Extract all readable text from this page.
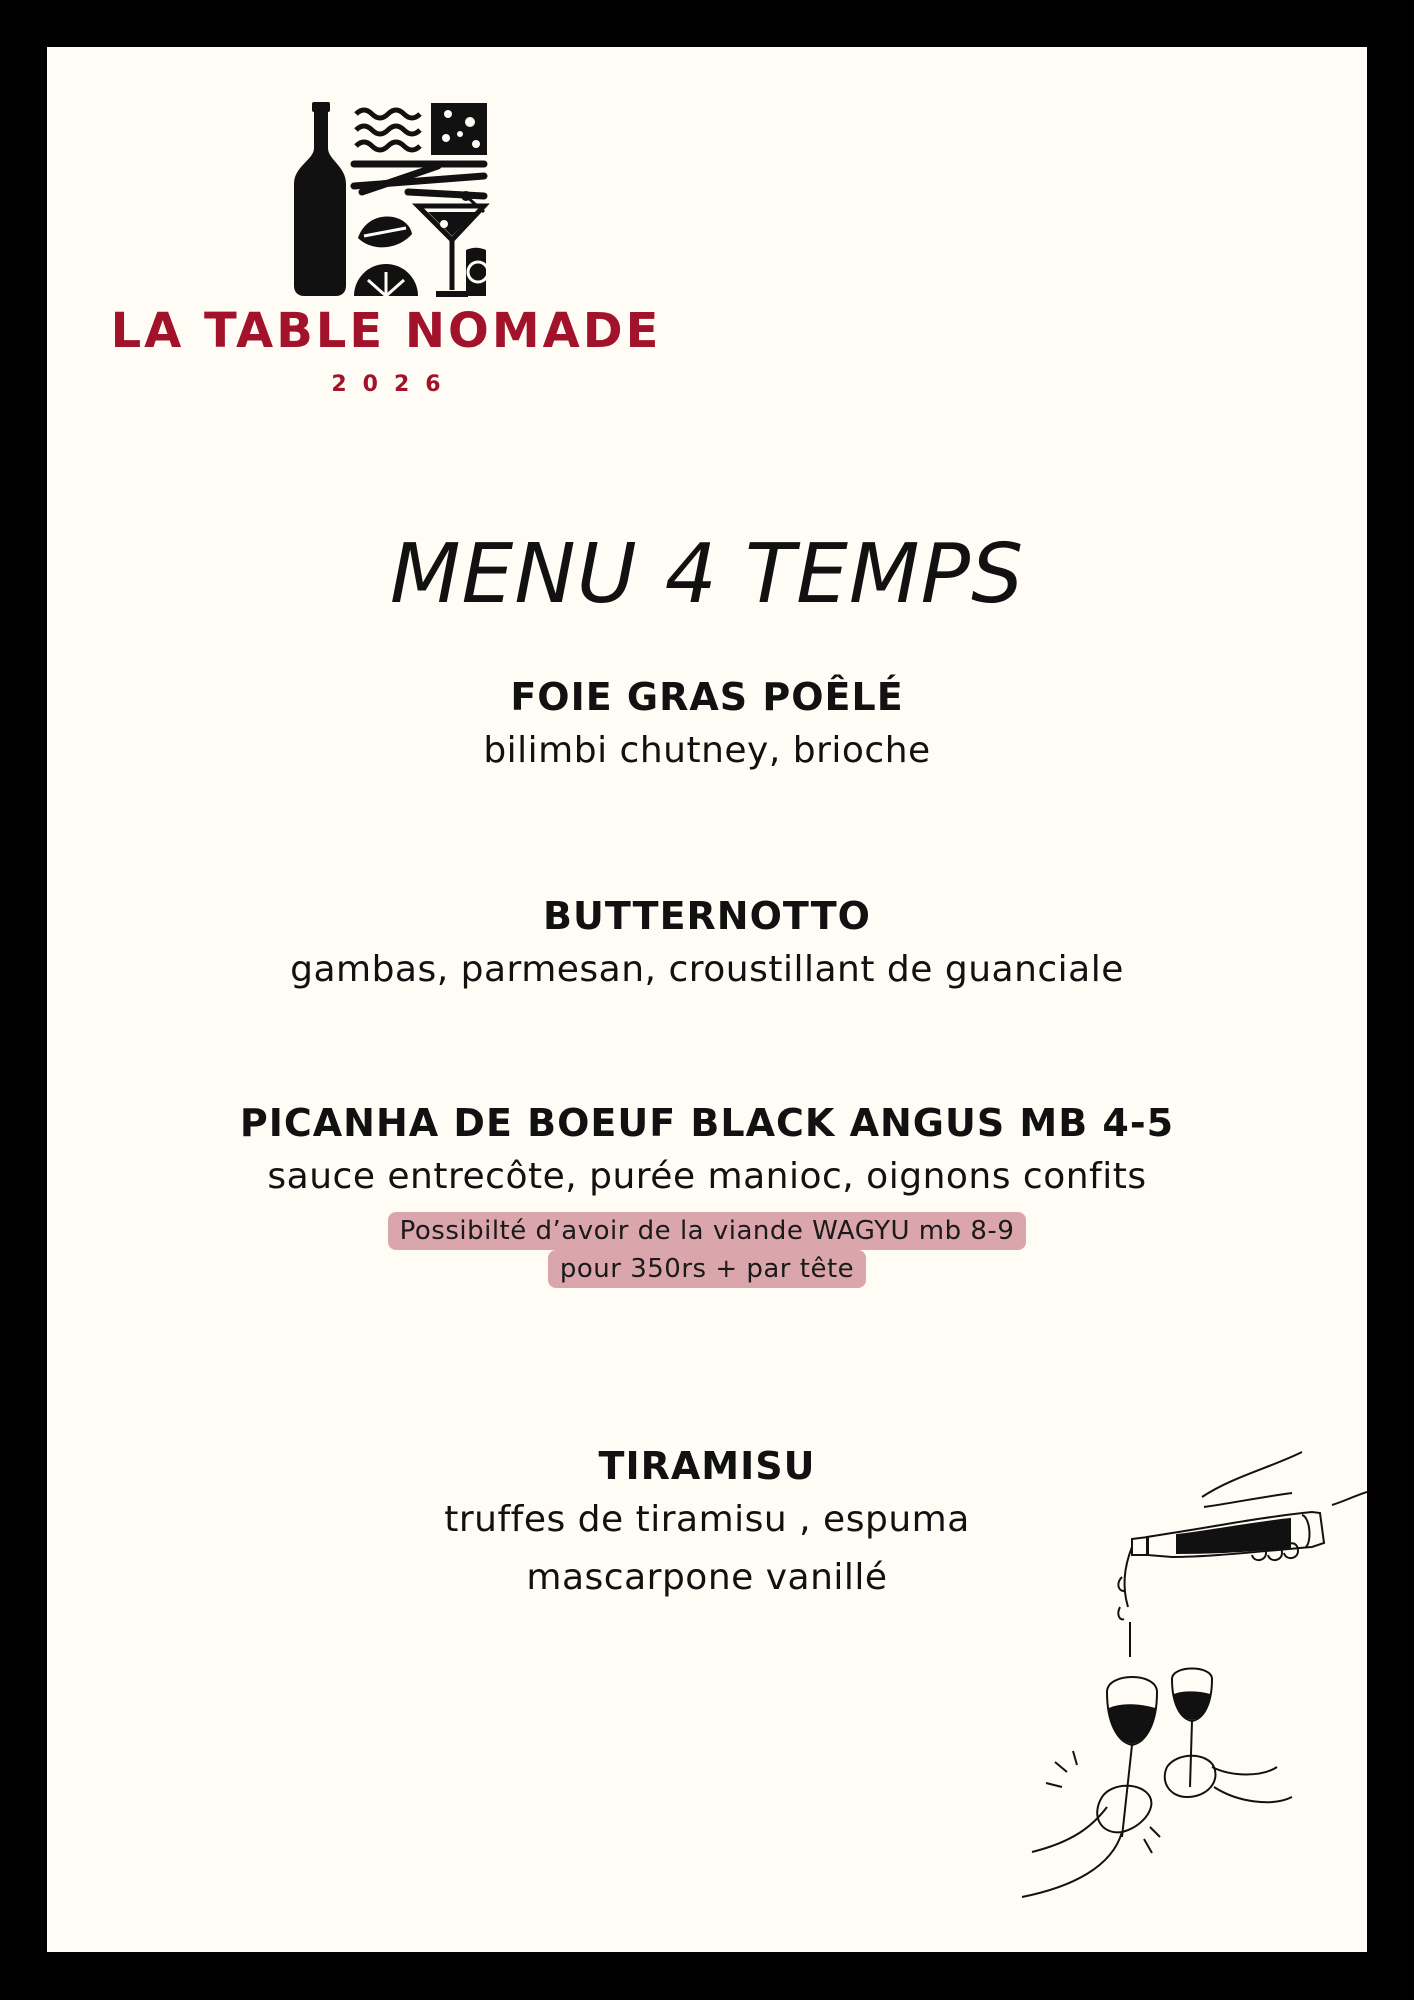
LA TABLE NOMADE
2026
MENU 4 TEMPS
FOIE GRAS POÊLÉ
bilimbi chutney, brioche
BUTTERNOTTO
gambas, parmesan, croustillant de guanciale
PICANHA DE BOEUF BLACK ANGUS MB 4-5
sauce entrecôte, purée manioc, oignons confits
Possibilté d’avoir de la viande WAGYU mb 8-9
pour 350rs + par tête
TIRAMISU
truffes de tiramisu , espuma
mascarpone vanillé
